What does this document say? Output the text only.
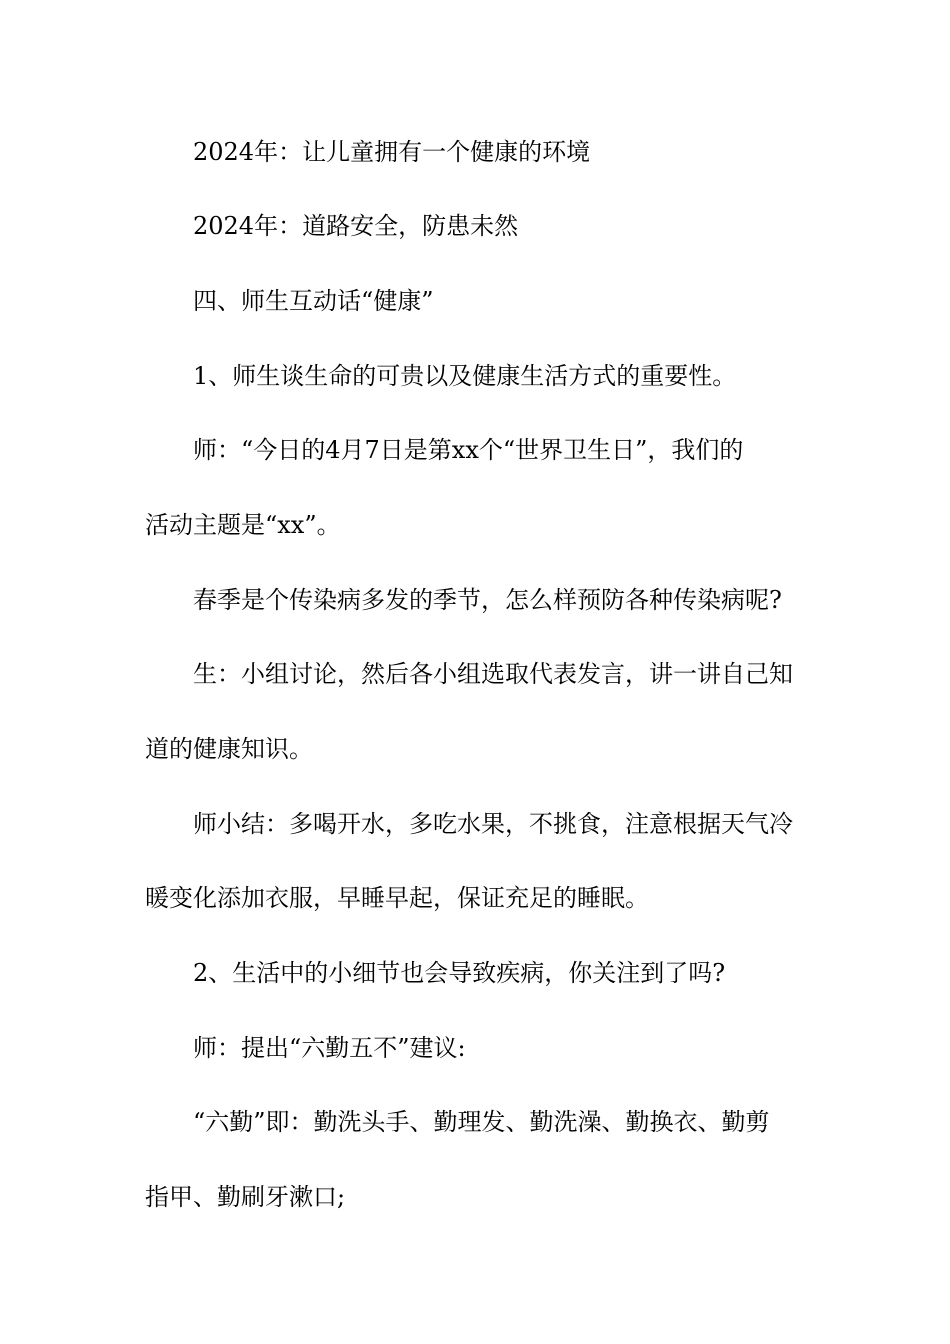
2024年：让儿童拥有一个健康的环境
2024年：道路安全，防患未然
四、师生互动话“健康”
1、师生谈生命的可贵以及健康生活方式的重要性。
师：“今日的4月7日是第xx个“世界卫生日”，我们的
活动主题是“xx”。
春季是个传染病多发的季节，怎么样预防各种传染病呢?
生：小组讨论，然后各小组选取代表发言，讲一讲自己知
道的健康知识。
师小结：多喝开水，多吃水果，不挑食，注意根据天气冷
暖变化添加衣服，早睡早起，保证充足的睡眠。
2、生活中的小细节也会导致疾病，你关注到了吗?
师：提出“六勤五不”建议:
“六勤”即：勤洗头手、勤理发、勤洗澡、勤换衣、勤剪
指甲、勤刷牙漱口;
